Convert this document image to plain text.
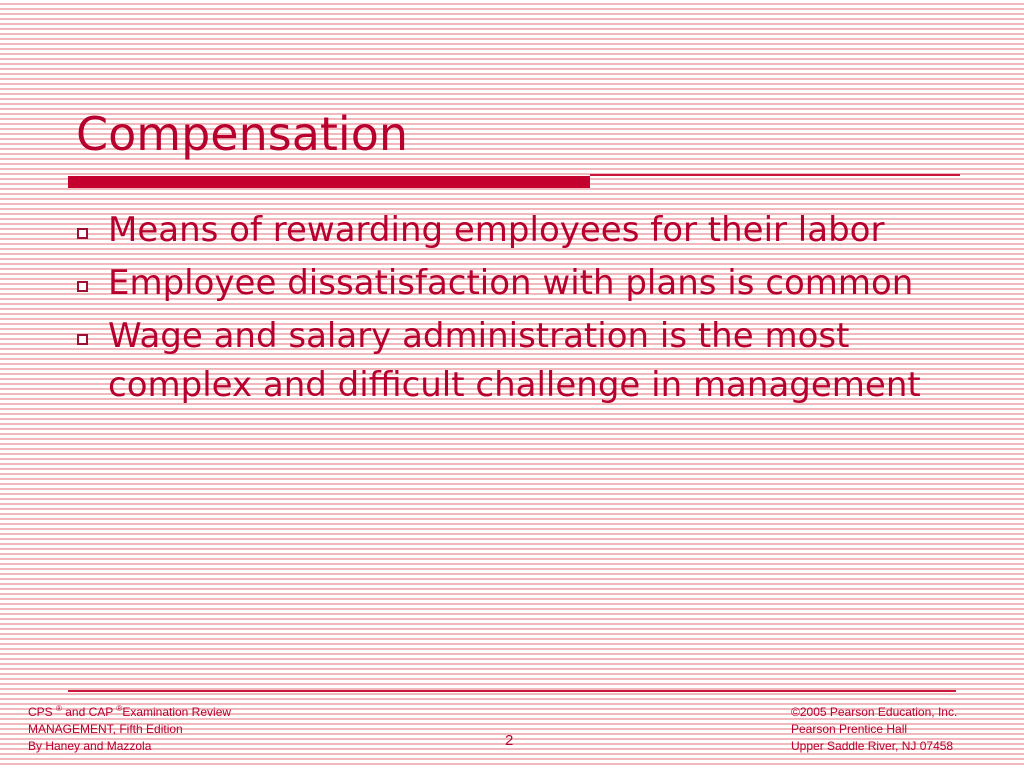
Compensation
Means of rewarding employees for their labor
Employee dissatisfaction with plans is common
Wage and salary administration is the most complex and difficult challenge in management
CPS ® and CAP ®Examination Review
MANAGEMENT, Fifth Edition
By Haney and Mazzola	2
©2005 Pearson Education, Inc.
Pearson Prentice Hall
Upper Saddle River, NJ 07458
